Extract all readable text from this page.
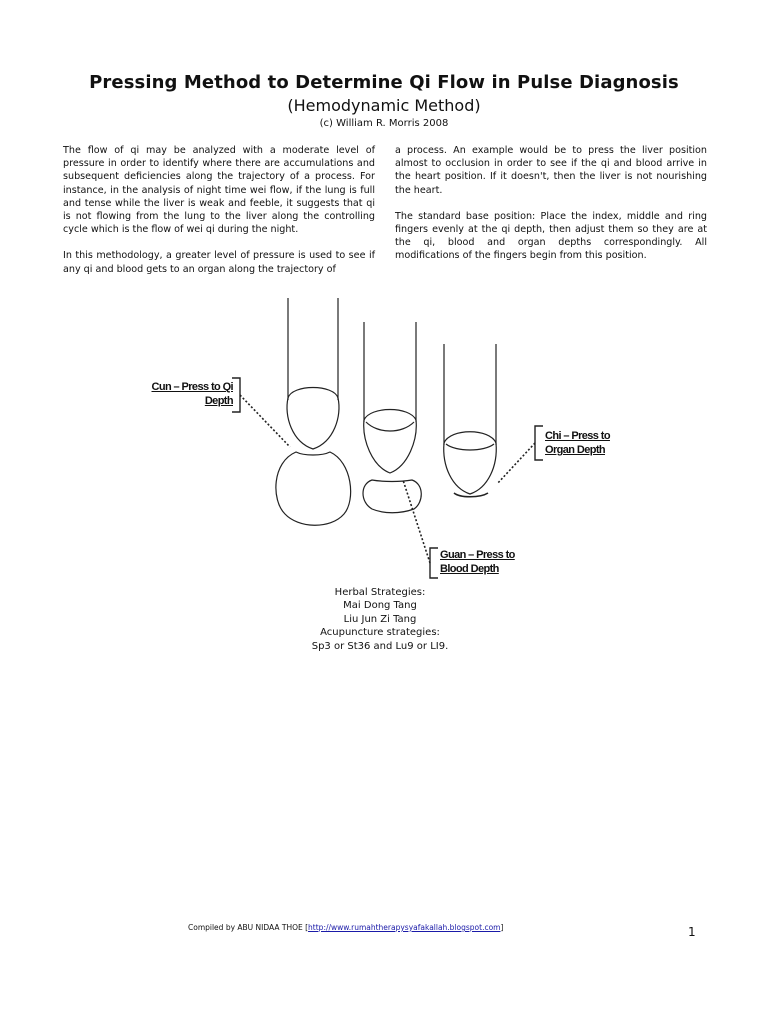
Pressing Method to Determine Qi Flow in Pulse Diagnosis
(Hemodynamic Method)
(c) William R. Morris 2008

The flow of qi may be analyzed with a moderate level of pressure in order to identify where there are accumulations and subsequent deficiencies along the trajectory of a process. For instance, in the analysis of night time wei flow, if the lung is full and tense while the liver is weak and feeble, it suggests that qi is not flowing from the lung to the liver along the controlling cycle which is the flow of wei qi during the night.

In this methodology, a greater level of pressure is used to see if any qi and blood gets to an organ along the trajectory of

a process. An example would be to press the liver position almost to occlusion in order to see if the qi and blood arrive in the heart position. If it doesn't, then the liver is not nourishing the heart.

The standard base position: Place the index, middle and ring fingers evenly at the qi depth, then adjust them so they are at the qi, blood and organ depths correspondingly. All modifications of the fingers begin from this position.

Cun – Press to Qi
Depth
Chi – Press to
Organ Depth
Guan – Press to
Blood Depth
Herbal Strategies:
Mai Dong Tang
Liu Jun Zi Tang
Acupuncture strategies:
Sp3 or St36 and Lu9 or LI9.
Compiled by ABU NIDAA THOE [http://www.rumahtherapysyafakallah.blogspot.com]	1
